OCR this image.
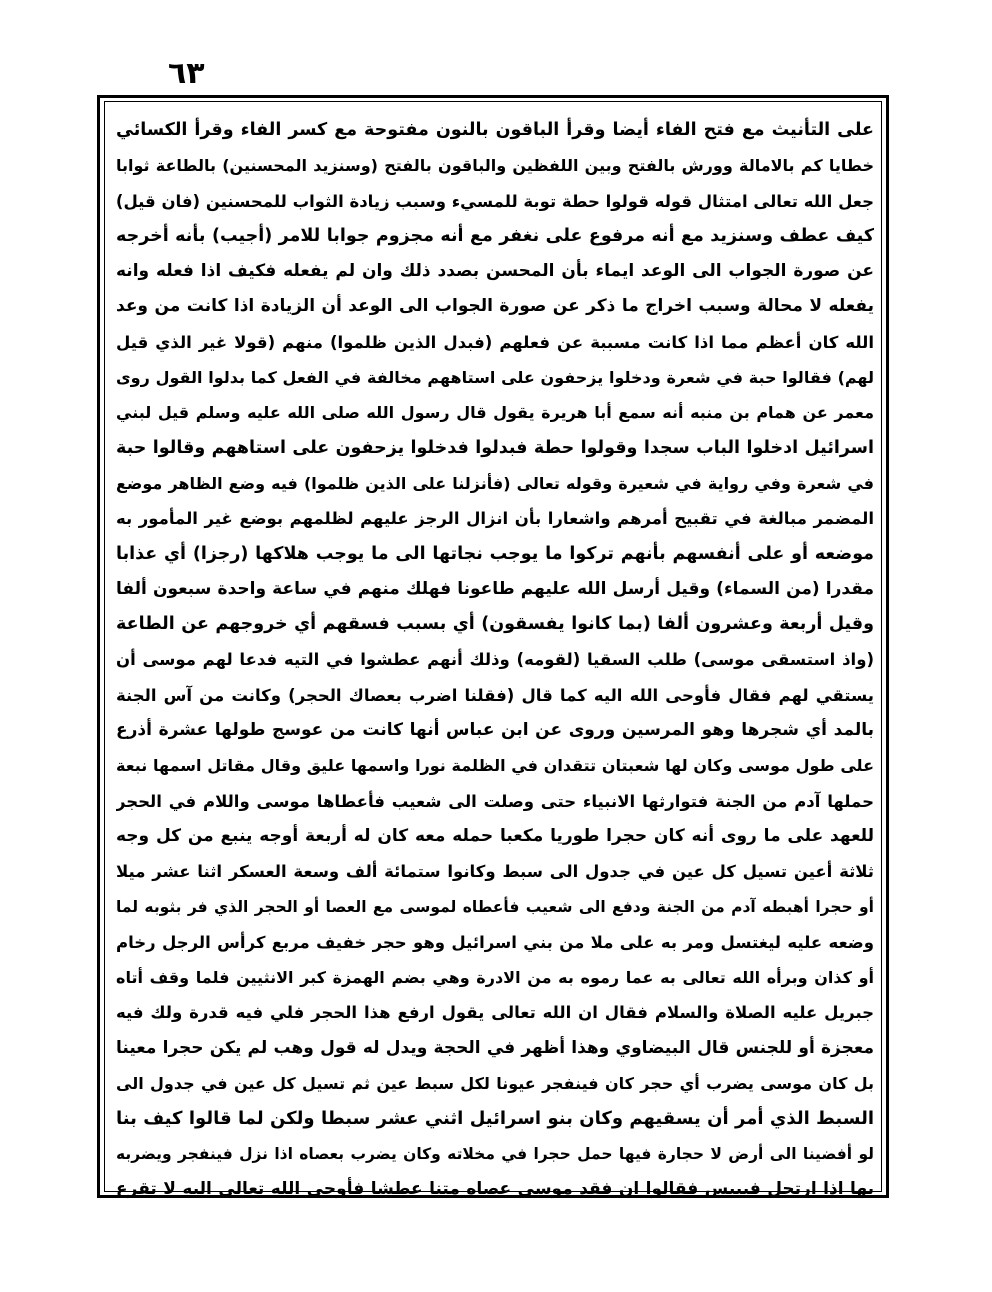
٦٣
على التأنيث مع فتح الفاء أيضا وقرأ الباقون بالنون مفتوحة مع كسر الفاء وقرأ الكسائي
خطايا كم بالامالة وورش بالفتح وبين اللفظين والباقون بالفتح (وسنزيد المحسنين) بالطاعة ثوابا
جعل الله تعالى امتثال قوله قولوا حطة توبة للمسيء وسبب زيادة الثواب للمحسنين (فان قيل)
كيف عطف وسنزيد مع أنه مرفوع على نغفر مع أنه مجزوم جوابا للامر (أجيب) بأنه أخرجه
عن صورة الجواب الى الوعد ايماء بأن المحسن بصدد ذلك وان لم يفعله فكيف اذا فعله وانه
يفعله لا محالة وسبب اخراج ما ذكر عن صورة الجواب الى الوعد أن الزيادة اذا كانت من وعد
الله كان أعظم مما اذا كانت مسببة عن فعلهم (فبدل الذين ظلموا) منهم (قولا غير الذي قيل
لهم) فقالوا حبة في شعرة ودخلوا يزحفون على استاههم مخالفة في الفعل كما بدلوا القول روى
معمر عن همام بن منبه أنه سمع أبا هريرة يقول قال رسول الله صلى الله عليه وسلم قيل لبني
اسرائيل ادخلوا الباب سجدا وقولوا حطة فبدلوا فدخلوا يزحفون على استاههم وقالوا حبة
في شعرة وفي رواية في شعيرة وقوله تعالى (فأنزلنا على الذين ظلموا) فيه وضع الظاهر موضع
المضمر مبالغة في تقبيح أمرهم واشعارا بأن انزال الرجز عليهم لظلمهم بوضع غير المأمور به
موضعه أو على أنفسهم بأنهم تركوا ما يوجب نجاتها الى ما يوجب هلاكها (رجزا) أي عذابا
مقدرا (من السماء) وقيل أرسل الله عليهم طاعونا فهلك منهم في ساعة واحدة سبعون ألفا
وقيل أربعة وعشرون ألفا (بما كانوا يفسقون) أي بسبب فسقهم أي خروجهم عن الطاعة
(واذ استسقى موسى) طلب السقيا (لقومه) وذلك أنهم عطشوا في التيه فدعا لهم موسى أن
يستقي لهم فقال فأوحى الله اليه كما قال (فقلنا اضرب بعصاك الحجر) وكانت من آس الجنة
بالمد أي شجرها وهو المرسين وروى عن ابن عباس أنها كانت من عوسج طولها عشرة أذرع
على طول موسى وكان لها شعبتان تتقدان في الظلمة نورا واسمها عليق وقال مقاتل اسمها نبعة
حملها آدم من الجنة فتوارثها الانبياء حتى وصلت الى شعيب فأعطاها موسى واللام في الحجر
للعهد على ما روى أنه كان حجرا طوريا مكعبا حمله معه كان له أربعة أوجه ينبع من كل وجه
ثلاثة أعين تسيل كل عين في جدول الى سبط وكانوا ستمائة ألف وسعة العسكر اثنا عشر ميلا
أو حجرا أهبطه آدم من الجنة ودفع الى شعيب فأعطاه لموسى مع العصا أو الحجر الذي فر بثوبه لما
وضعه عليه ليغتسل ومر به على ملا من بني اسرائيل وهو حجر خفيف مربع كرأس الرجل رخام
أو كذان وبرأه الله تعالى به عما رموه به من الادرة وهي بضم الهمزة كبر الانثيين فلما وقف أتاه
جبريل عليه الصلاة والسلام فقال ان الله تعالى يقول ارفع هذا الحجر فلي فيه قدرة ولك فيه
معجزة أو للجنس قال البيضاوي وهذا أظهر في الحجة ويدل له قول وهب لم يكن حجرا معينا
بل كان موسى يضرب أي حجر كان فينفجر عيونا لكل سبط عين ثم تسيل كل عين في جدول الى
السبط الذي أمر أن يسقيهم وكان بنو اسرائيل اثني عشر سبطا ولكن لما قالوا كيف بنا
لو أفضينا الى أرض لا حجارة فيها حمل حجرا في مخلاته وكان يضرب بعصاه اذا نزل فينفجر ويضربه
بها اذا ارتحل فييبس فقالوا ان فقد موسى عصاه متنا عطشا فأوحى الله تعالى اليه لا تقرع
